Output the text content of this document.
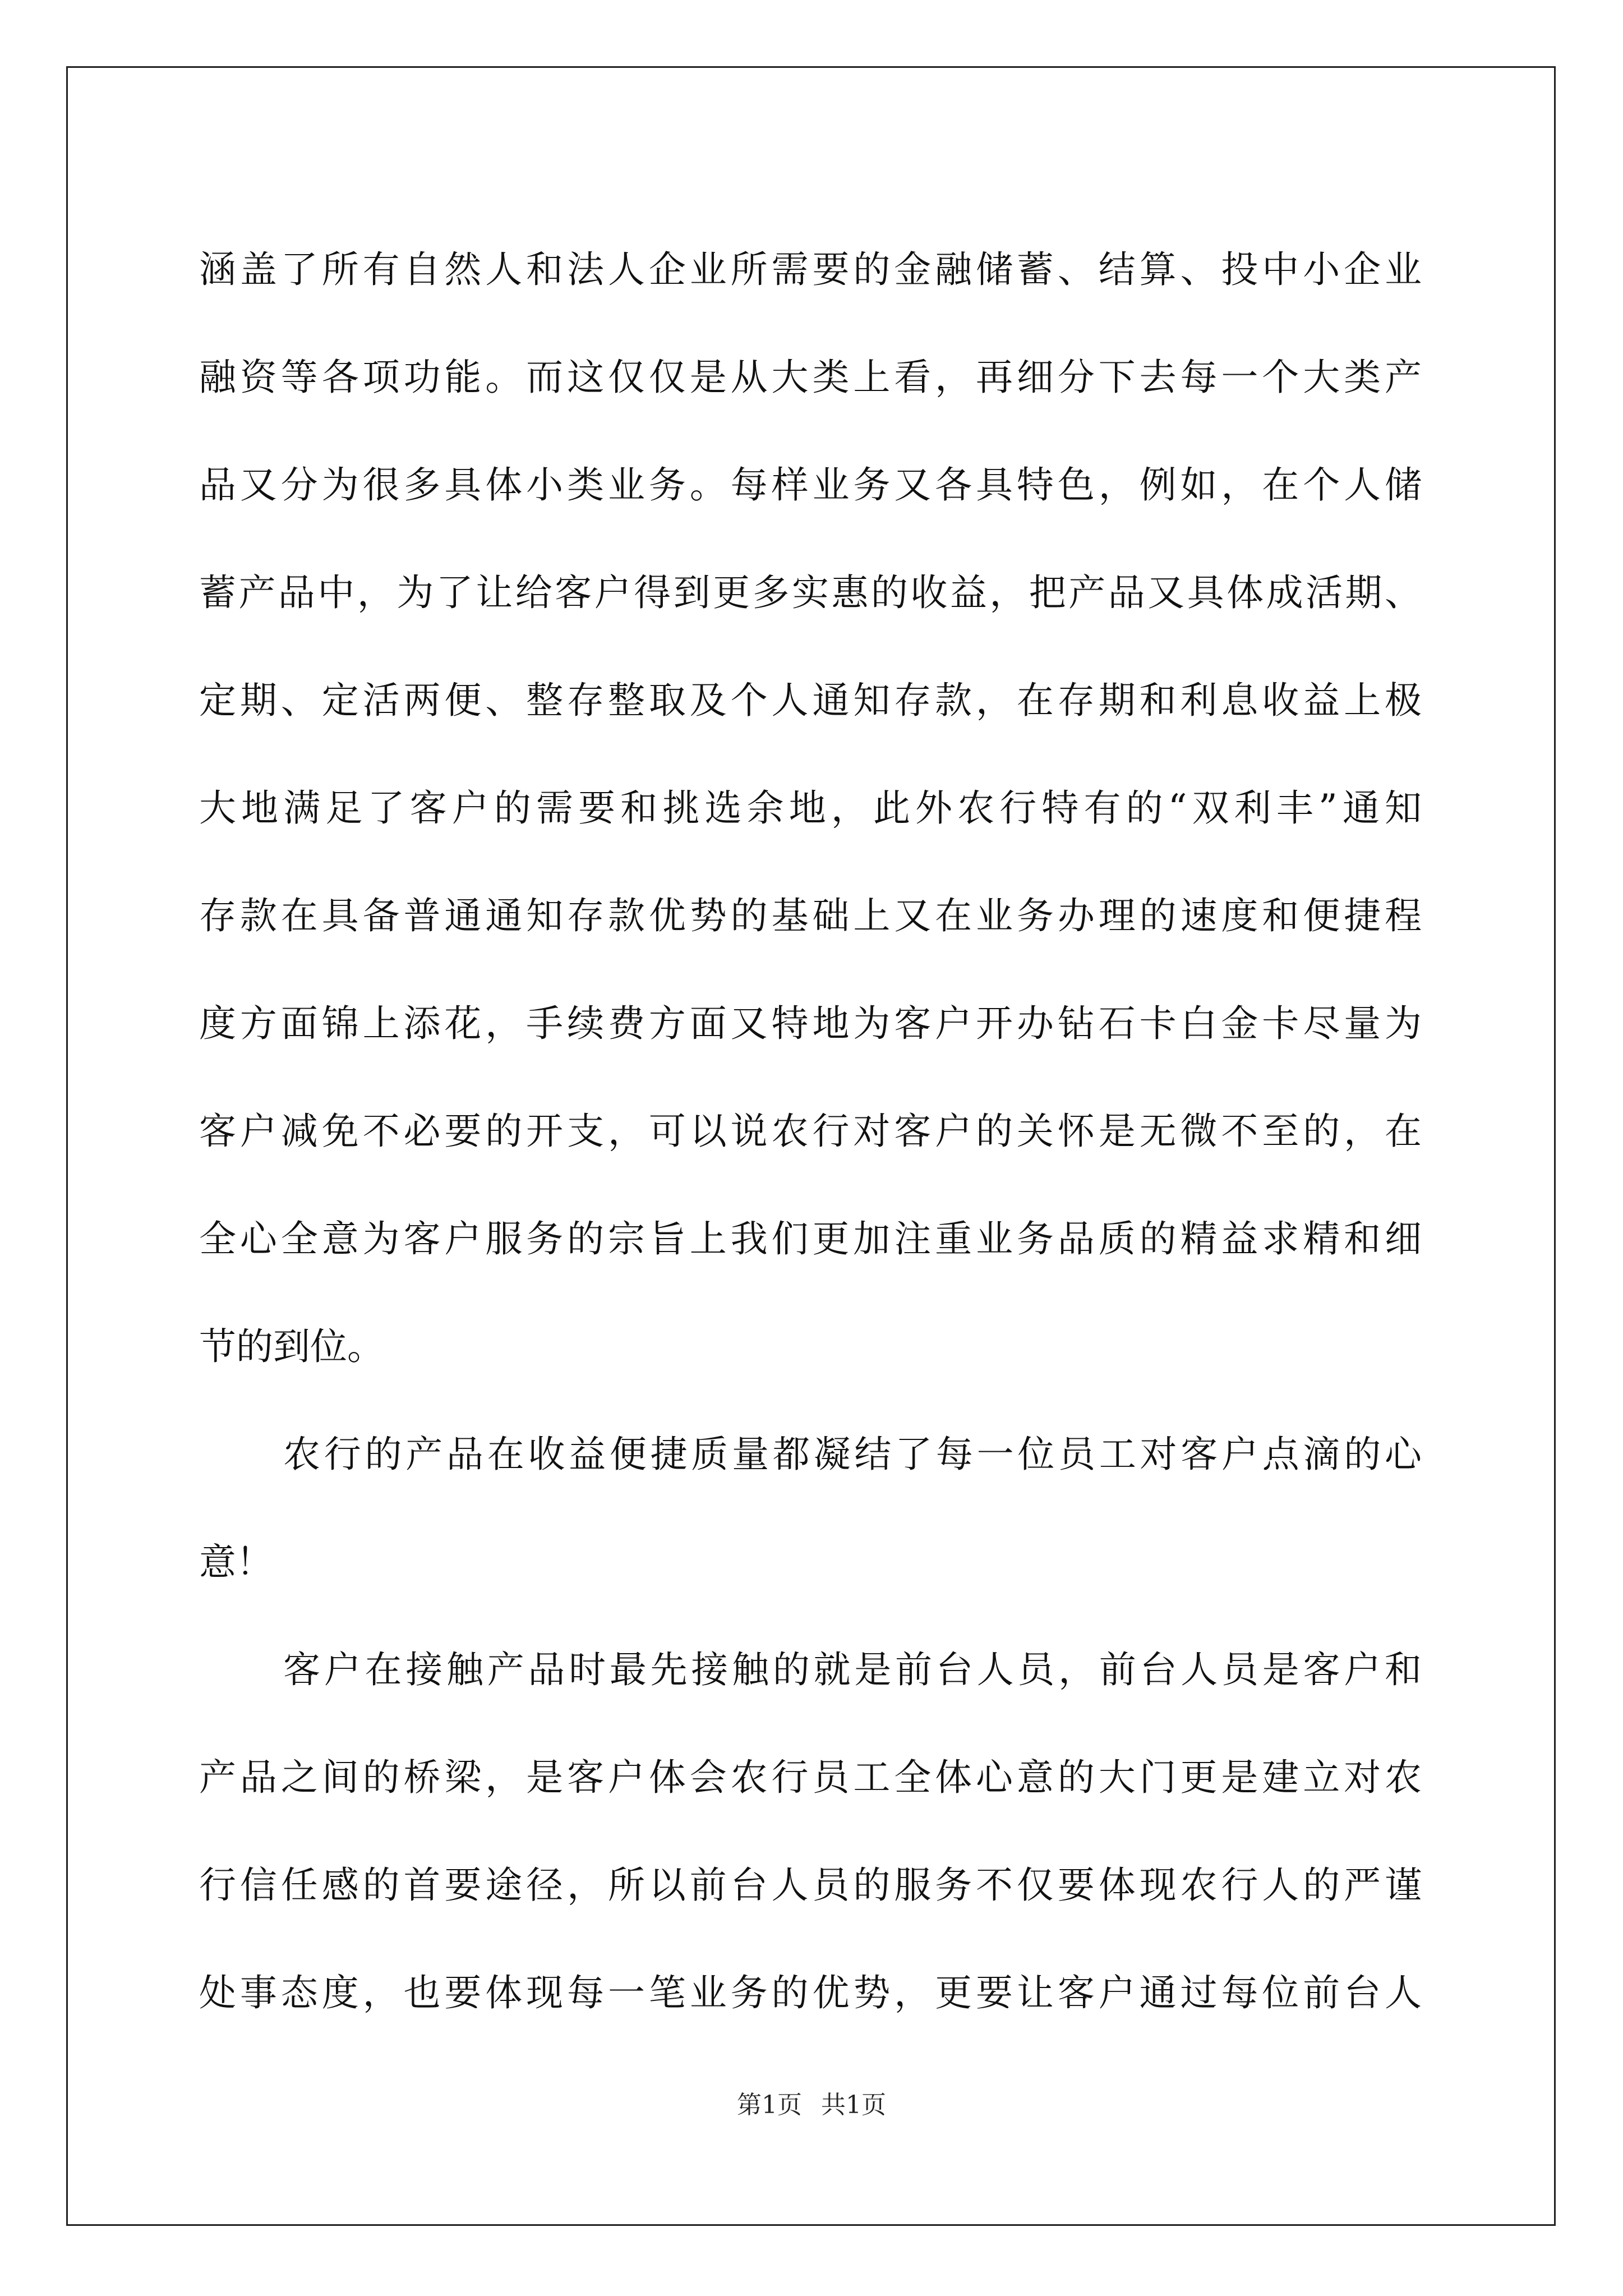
涵盖了所有自然人和法人企业所需要的金融储蓄、结算、投中小企业
融资等各项功能。而这仅仅是从大类上看，再细分下去每一个大类产
品又分为很多具体小类业务。每样业务又各具特色，例如，在个人储
蓄产品中，为了让给客户得到更多实惠的收益，把产品又具体成活期、
定期、定活两便、整存整取及个人通知存款，在存期和利息收益上极
大地满足了客户的需要和挑选余地，此外农行特有的“双利丰”通知
存款在具备普通通知存款优势的基础上又在业务办理的速度和便捷程
度方面锦上添花，手续费方面又特地为客户开办钻石卡白金卡尽量为
客户减免不必要的开支，可以说农行对客户的关怀是无微不至的，在
全心全意为客户服务的宗旨上我们更加注重业务品质的精益求精和细
节的到位。
农行的产品在收益便捷质量都凝结了每一位员工对客户点滴的心
意！
客户在接触产品时最先接触的就是前台人员，前台人员是客户和
产品之间的桥梁，是客户体会农行员工全体心意的大门更是建立对农
行信任感的首要途径，所以前台人员的服务不仅要体现农行人的严谨
处事态度，也要体现每一笔业务的优势，更要让客户通过每位前台人
第1页 共1页
